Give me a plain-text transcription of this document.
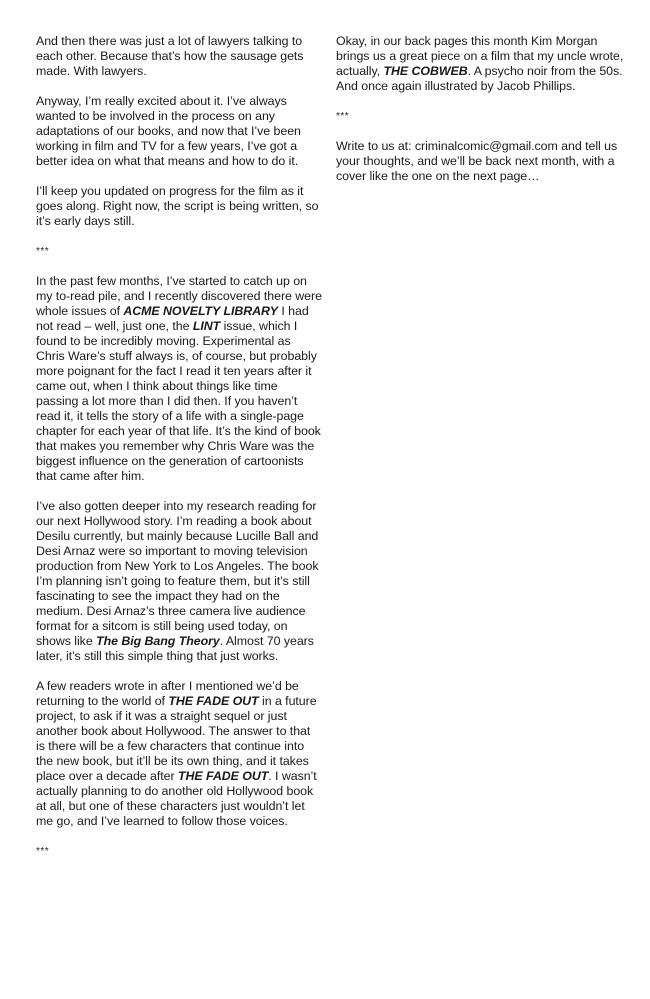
And then there was just a lot of lawyers talking to each other. Because that’s how the sausage gets made. With lawyers.

Anyway, I’m really excited about it. I’ve always wanted to be involved in the process on any adaptations of our books, and now that I’ve been working in film and TV for a few years, I’ve got a better idea on what that means and how to do it.

I’ll keep you updated on progress for the film as it goes along. Right now, the script is being written, so it’s early days still.

***

In the past few months, I’ve started to catch up on my to-read pile, and I recently discovered there were whole issues of ACME NOVELTY LIBRARY I had not read – well, just one, the LINT issue, which I found to be incredibly moving. Experimental as Chris Ware’s stuff always is, of course, but probably more poignant for the fact I read it ten years after it came out, when I think about things like time passing a lot more than I did then. If you haven’t read it, it tells the story of a life with a single-page chapter for each year of that life. It’s the kind of book that makes you remember why Chris Ware was the biggest influence on the generation of cartoonists that came after him.

I’ve also gotten deeper into my research reading for our next Hollywood story. I’m reading a book about Desilu currently, but mainly because Lucille Ball and Desi Arnaz were so important to moving television production from New York to Los Angeles. The book I’m planning isn’t going to feature them, but it’s still fascinating to see the impact they had on the medium. Desi Arnaz’s three camera live audience format for a sitcom is still being used today, on shows like The Big Bang Theory. Almost 70 years later, it’s still this simple thing that just works.

A few readers wrote in after I mentioned we’d be returning to the world of THE FADE OUT in a future project, to ask if it was a straight sequel or just another book about Hollywood. The answer to that is there will be a few characters that continue into the new book, but it’ll be its own thing, and it takes place over a decade after THE FADE OUT. I wasn’t actually planning to do another old Hollywood book at all, but one of these characters just wouldn’t let me go, and I’ve learned to follow those voices.

***

Okay, in our back pages this month Kim Morgan brings us a great piece on a film that my uncle wrote, actually, THE COBWEB. A psycho noir from the 50s. And once again illustrated by Jacob Phillips.

***

Write to us at: criminalcomic@gmail.com and tell us your thoughts, and we’ll be back next month, with a cover like the one on the next page…
